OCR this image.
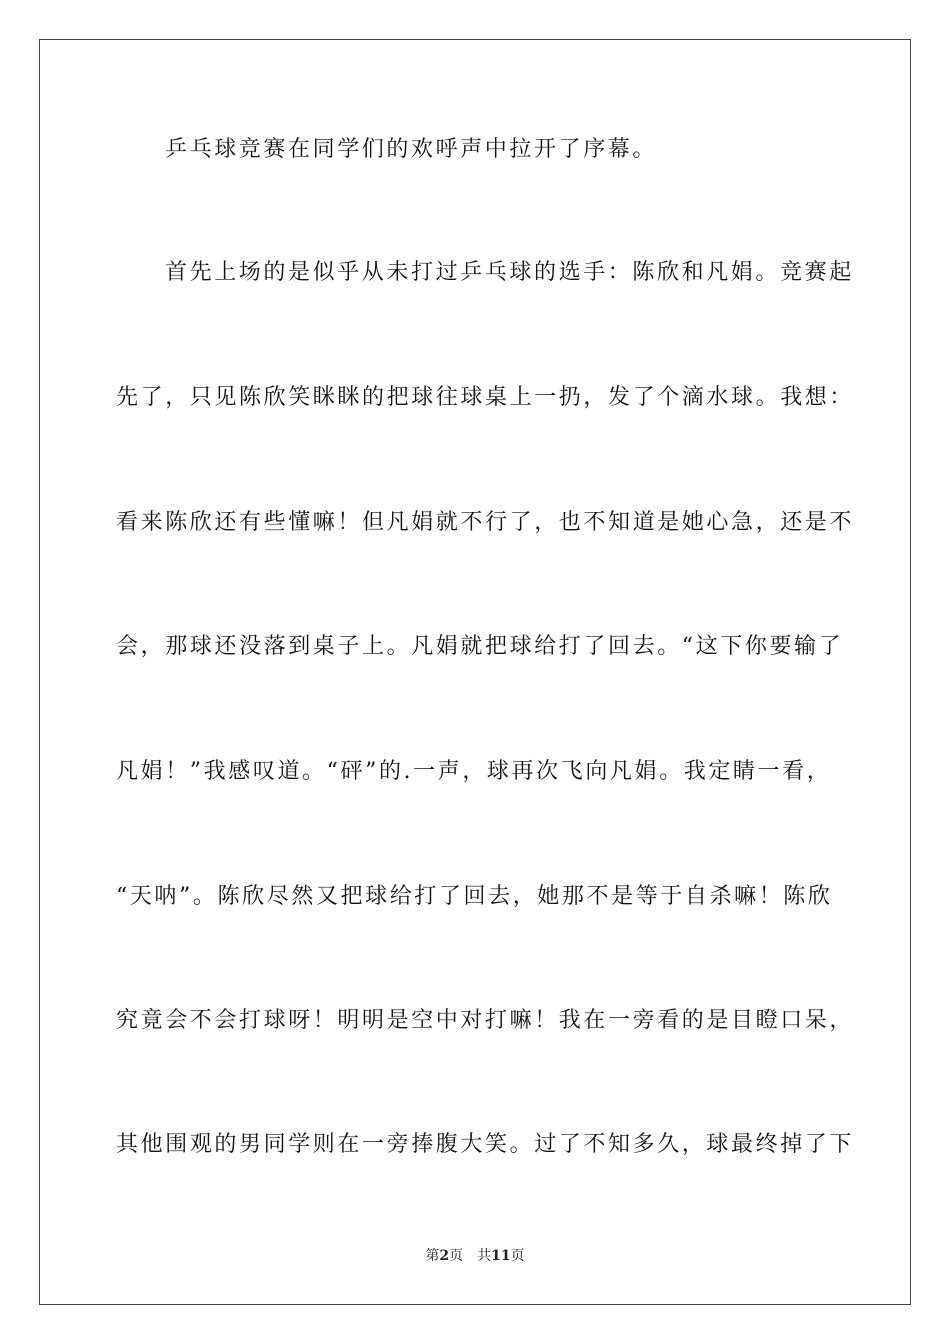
乒乓球竞赛在同学们的欢呼声中拉开了序幕。
首先上场的是似乎从未打过乒乓球的选手：陈欣和凡娟。竞赛起
先了，只见陈欣笑眯眯的把球往球桌上一扔，发了个滴水球。我想：
看来陈欣还有些懂嘛！但凡娟就不行了，也不知道是她心急，还是不
会，那球还没落到桌子上。凡娟就把球给打了回去。“这下你要输了
凡娟！”我感叹道。“砰”的.一声，球再次飞向凡娟。我定睛一看，
“天呐”。陈欣尽然又把球给打了回去，她那不是等于自杀嘛！陈欣
究竟会不会打球呀！明明是空中对打嘛！我在一旁看的是目瞪口呆，
其他围观的男同学则在一旁捧腹大笑。过了不知多久，球最终掉了下
第2页 共11页
